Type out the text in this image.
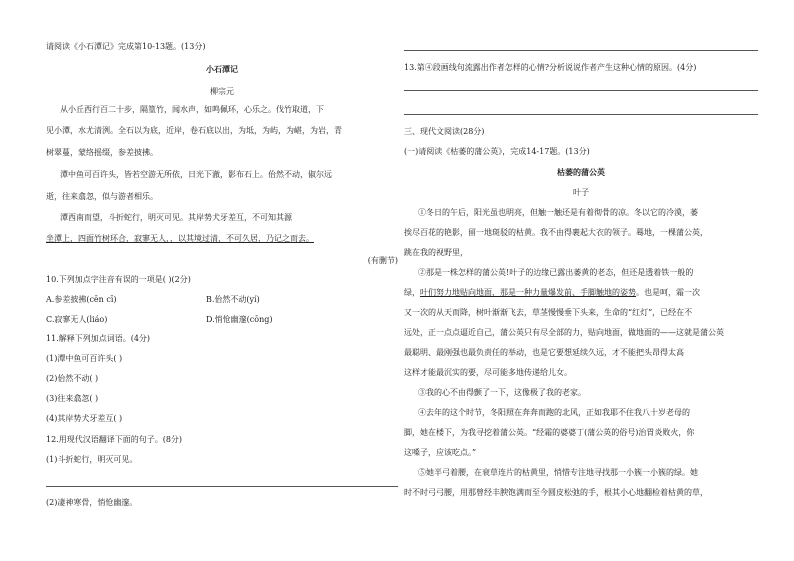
请阅读《小石潭记》完成第10-13题。(13分)
小石潭记
柳宗元
从小丘西行百二十步，隔篁竹，闻水声，如鸣佩环，心乐之。伐竹取道，下
见小潭，水尤清洌。全石以为底，近岸，卷石底以出，为坻，为屿，为嵁，为岩，青
树翠蔓，蒙络摇缀，参差披拂。
潭中鱼可百许头，皆若空游无所依，日光下澈，影布石上。佁然不动，俶尔远
逝，往来翕忽，似与游者相乐。
潭西南而望，斗折蛇行，明灭可见。其岸势犬牙差互，不可知其源
坐潭上，四面竹树环合，寂寥无人，，以其境过清，不可久居，乃记之而去。
(有删节)
10.下列加点字注音有误的一项是( )(2分)
A.参差披拂(cēn cī)	B.佁然不动(yí)
C.寂寥无人(liáo)	D.悄怆幽邃(cōng)
11.解释下列加点词语。(4分)
(1)潭中鱼可百许头( )
(2)佁然不动( )
(3)往来翕忽( )
(4)其岸势犬牙差互( )
12.用现代汉语翻译下面的句子。(8分)
(1)斗折蛇行，明灭可见。
(2)凄神寒骨，悄怆幽邃。
13.第④段画线句流露出作者怎样的心情?分析说说作者产生这种心情的原因。(4分)
三、现代文阅读(28分)
(一)请阅读《枯萎的蒲公英》，完成14-17题。(13分)
枯萎的蒲公英
叶子
①冬日的午后，阳光虽也明亮，但触一触还是有着彻骨的凉。冬以它的冷漠，萎
挨尽百花的艳影，留一地斑驳的枯黄。我不由得裹起大衣的领子。蓦地，一棵蒲公英，
跳在我的视野里，
②那是一株怎样的蒲公英!叶子的边缘已露出萎黄的老态，但还是透着铁一般的
绿，叶们努力地贴向地面，那是一种力量爆发前、手脚触地的姿势。也是呵，霜一次
又一次的从天而降，树叶渐渐飞去，草茎慢慢垂下头来，生命的“红灯”，已经在不
远处，正一点点逼近自己，蒲公英只有尽全部的力，贴向地面，做地面的——这就是蒲公英
最聪明、最刚强也最负责任的举动，也是它要想延续久远，才不能把头昂得太高
这样才能最沉实的要，尽可能多地传递给儿女。
③我的心不由得颤了一下，这像极了我的老家。
④去年的这个时节，冬阳照在奔奔而跑的北风，正如我耶不住我八十岁老母的
脚，她在楼下，为我寻挖着蒲公英。“经霜的婆婆丁(蒲公英的俗号)治胃炎败火，你
这嗓子，应该吃点。”
⑤她半弓着腰，在衰草连片的枯黄里，悄惜专注地寻找那一小簇一小簇的绿。她
时不时弓弓腰，用那曾经丰腴饱满而至今圆皮松弛的手，根其小心地翻检着枯黄的草，
